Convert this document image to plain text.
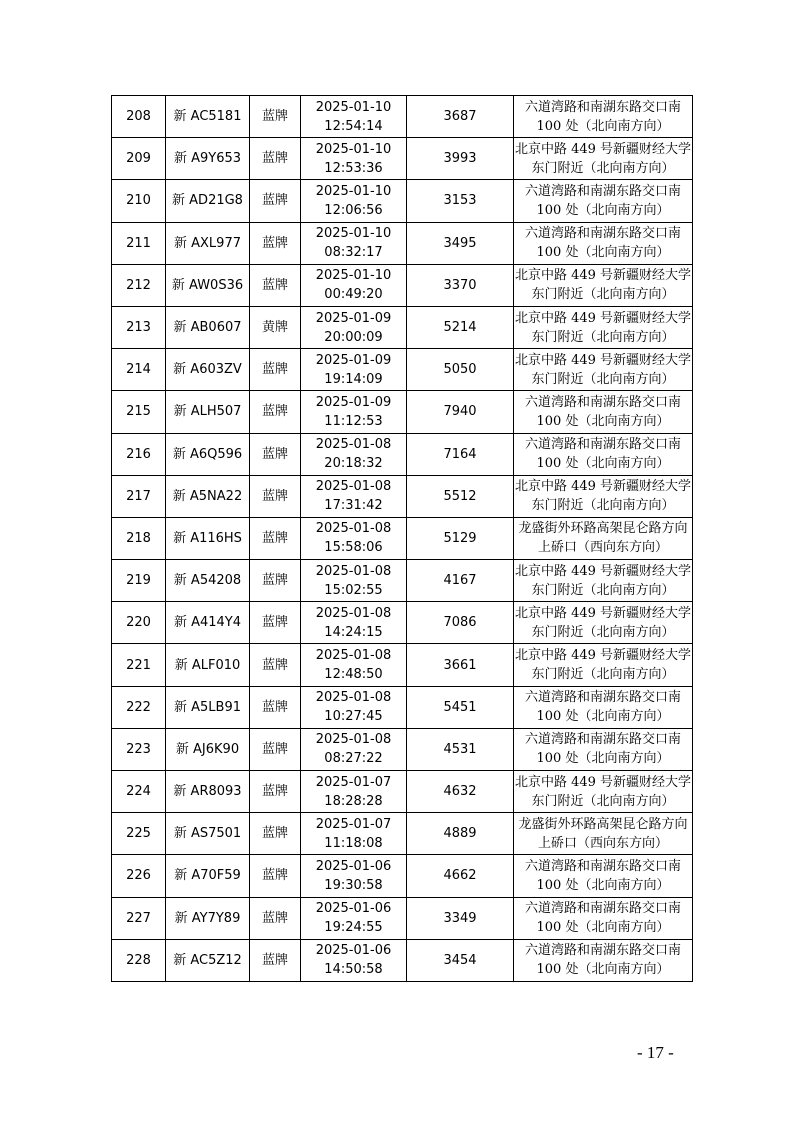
208	新 AC5181	蓝牌	2025-01-10
12:54:14	3687	六道湾路和南湖东路交口南
100 处（北向南方向）

209	新 A9Y653	蓝牌	2025-01-10
12:53:36	3993	北京中路 449 号新疆财经大学
东门附近（北向南方向）

210	新 AD21G8	蓝牌	2025-01-10
12:06:56	3153	六道湾路和南湖东路交口南
100 处（北向南方向）

211	新 AXL977	蓝牌	2025-01-10
08:32:17	3495	六道湾路和南湖东路交口南
100 处（北向南方向）

212	新 AW0S36	蓝牌	2025-01-10
00:49:20	3370	北京中路 449 号新疆财经大学
东门附近（北向南方向）

213	新 AB0607	黄牌	2025-01-09
20:00:09	5214	北京中路 449 号新疆财经大学
东门附近（北向南方向）

214	新 A603ZV	蓝牌	2025-01-09
19:14:09	5050	北京中路 449 号新疆财经大学
东门附近（北向南方向）

215	新 ALH507	蓝牌	2025-01-09
11:12:53	7940	六道湾路和南湖东路交口南
100 处（北向南方向）

216	新 A6Q596	蓝牌	2025-01-08
20:18:32	7164	六道湾路和南湖东路交口南
100 处（北向南方向）

217	新 A5NA22	蓝牌	2025-01-08
17:31:42	5512	北京中路 449 号新疆财经大学
东门附近（北向南方向）

218	新 A116HS	蓝牌	2025-01-08
15:58:06	5129	龙盛街外环路高架昆仑路方向
上硚口（西向东方向）

219	新 A54208	蓝牌	2025-01-08
15:02:55	4167	北京中路 449 号新疆财经大学
东门附近（北向南方向）

220	新 A414Y4	蓝牌	2025-01-08
14:24:15	7086	北京中路 449 号新疆财经大学
东门附近（北向南方向）

221	新 ALF010	蓝牌	2025-01-08
12:48:50	3661	北京中路 449 号新疆财经大学
东门附近（北向南方向）

222	新 A5LB91	蓝牌	2025-01-08
10:27:45	5451	六道湾路和南湖东路交口南
100 处（北向南方向）

223	新 AJ6K90	蓝牌	2025-01-08
08:27:22	4531	六道湾路和南湖东路交口南
100 处（北向南方向）

224	新 AR8093	蓝牌	2025-01-07
18:28:28	4632	北京中路 449 号新疆财经大学
东门附近（北向南方向）

225	新 AS7501	蓝牌	2025-01-07
11:18:08	4889	龙盛街外环路高架昆仑路方向
上硚口（西向东方向）

226	新 A70F59	蓝牌	2025-01-06
19:30:58	4662	六道湾路和南湖东路交口南
100 处（北向南方向）

227	新 AY7Y89	蓝牌	2025-01-06
19:24:55	3349	六道湾路和南湖东路交口南
100 处（北向南方向）

228	新 AC5Z12	蓝牌	2025-01-06
14:50:58	3454	六道湾路和南湖东路交口南
100 处（北向南方向）
- 17 -
